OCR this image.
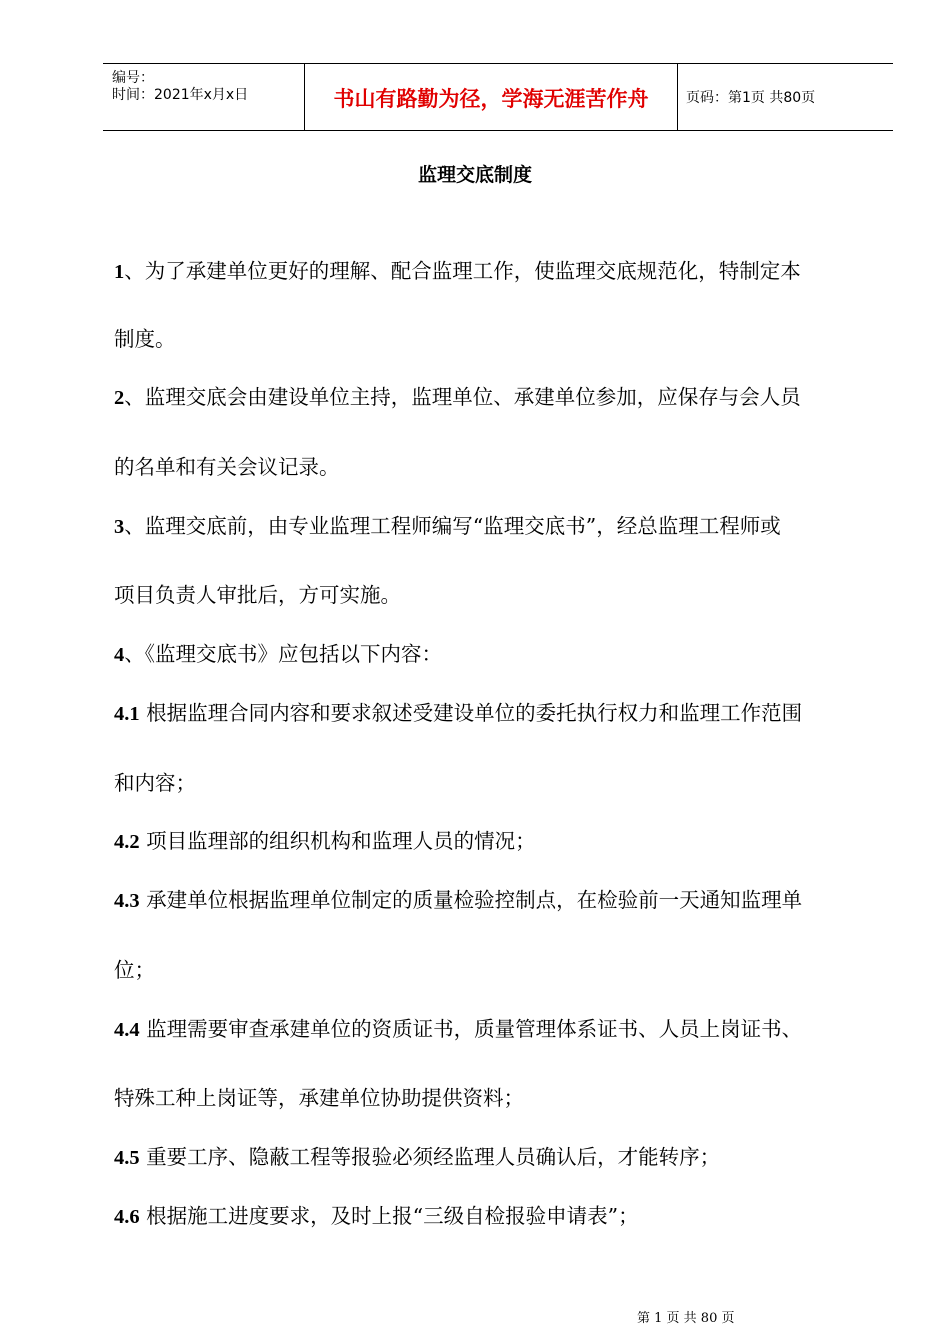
编号：
时间：2021年x月x日	书山有路勤为径，学海无涯苦作舟	页码：第1页 共80页
监理交底制度
1、为了承建单位更好的理解、配合监理工作，使监理交底规范化，特制定本
制度。
2、监理交底会由建设单位主持，监理单位、承建单位参加，应保存与会人员
的名单和有关会议记录。
3、监理交底前，由专业监理工程师编写“监理交底书”，经总监理工程师或
项目负责人审批后，方可实施。
4、《监理交底书》应包括以下内容：
4.1 根据监理合同内容和要求叙述受建设单位的委托执行权力和监理工作范围
和内容；
4.2 项目监理部的组织机构和监理人员的情况；
4.3 承建单位根据监理单位制定的质量检验控制点，在检验前一天通知监理单
位；
4.4 监理需要审查承建单位的资质证书，质量管理体系证书、人员上岗证书、
特殊工种上岗证等，承建单位协助提供资料；
4.5 重要工序、隐蔽工程等报验必须经监理人员确认后，才能转序；
4.6 根据施工进度要求，及时上报“三级自检报验申请表”；
第 1 页 共 80 页
